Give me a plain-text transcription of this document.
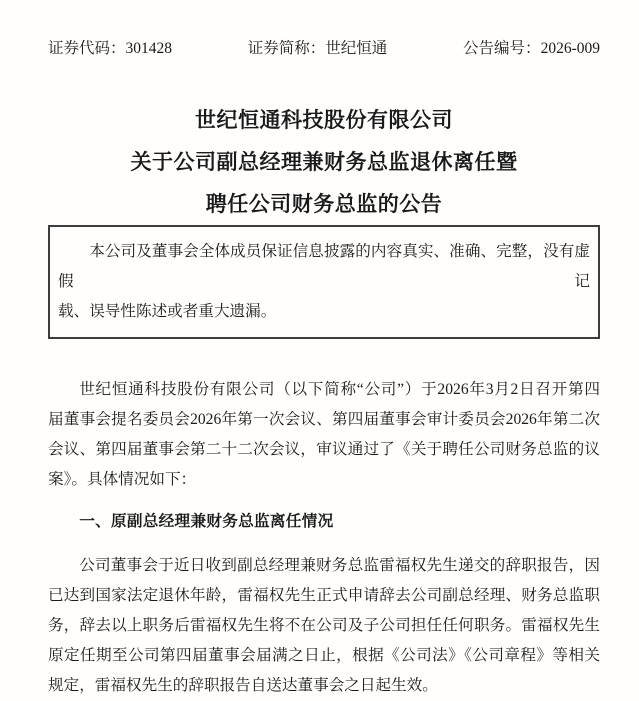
证券代码：301428	证券简称：世纪恒通	公告编号：2026-009
世纪恒通科技股份有限公司
关于公司副总经理兼财务总监退休离任暨
聘任公司财务总监的公告
本公司及董事会全体成员保证信息披露的内容真实、准确、完整，没有虚假记
载、误导性陈述或者重大遗漏。
世纪恒通科技股份有限公司（以下简称“公司”）于2026年3月2日召开第四
届董事会提名委员会2026年第一次会议、第四届董事会审计委员会2026年第二次
会议、第四届董事会第二十二次会议，审议通过了《关于聘任公司财务总监的议
案》。具体情况如下：
一、原副总经理兼财务总监离任情况
公司董事会于近日收到副总经理兼财务总监雷福权先生递交的辞职报告，因
已达到国家法定退休年龄，雷福权先生正式申请辞去公司副总经理、财务总监职
务，辞去以上职务后雷福权先生将不在公司及子公司担任任何职务。雷福权先生
原定任期至公司第四届董事会届满之日止，根据《公司法》《公司章程》等相关
规定，雷福权先生的辞职报告自送达董事会之日起生效。
